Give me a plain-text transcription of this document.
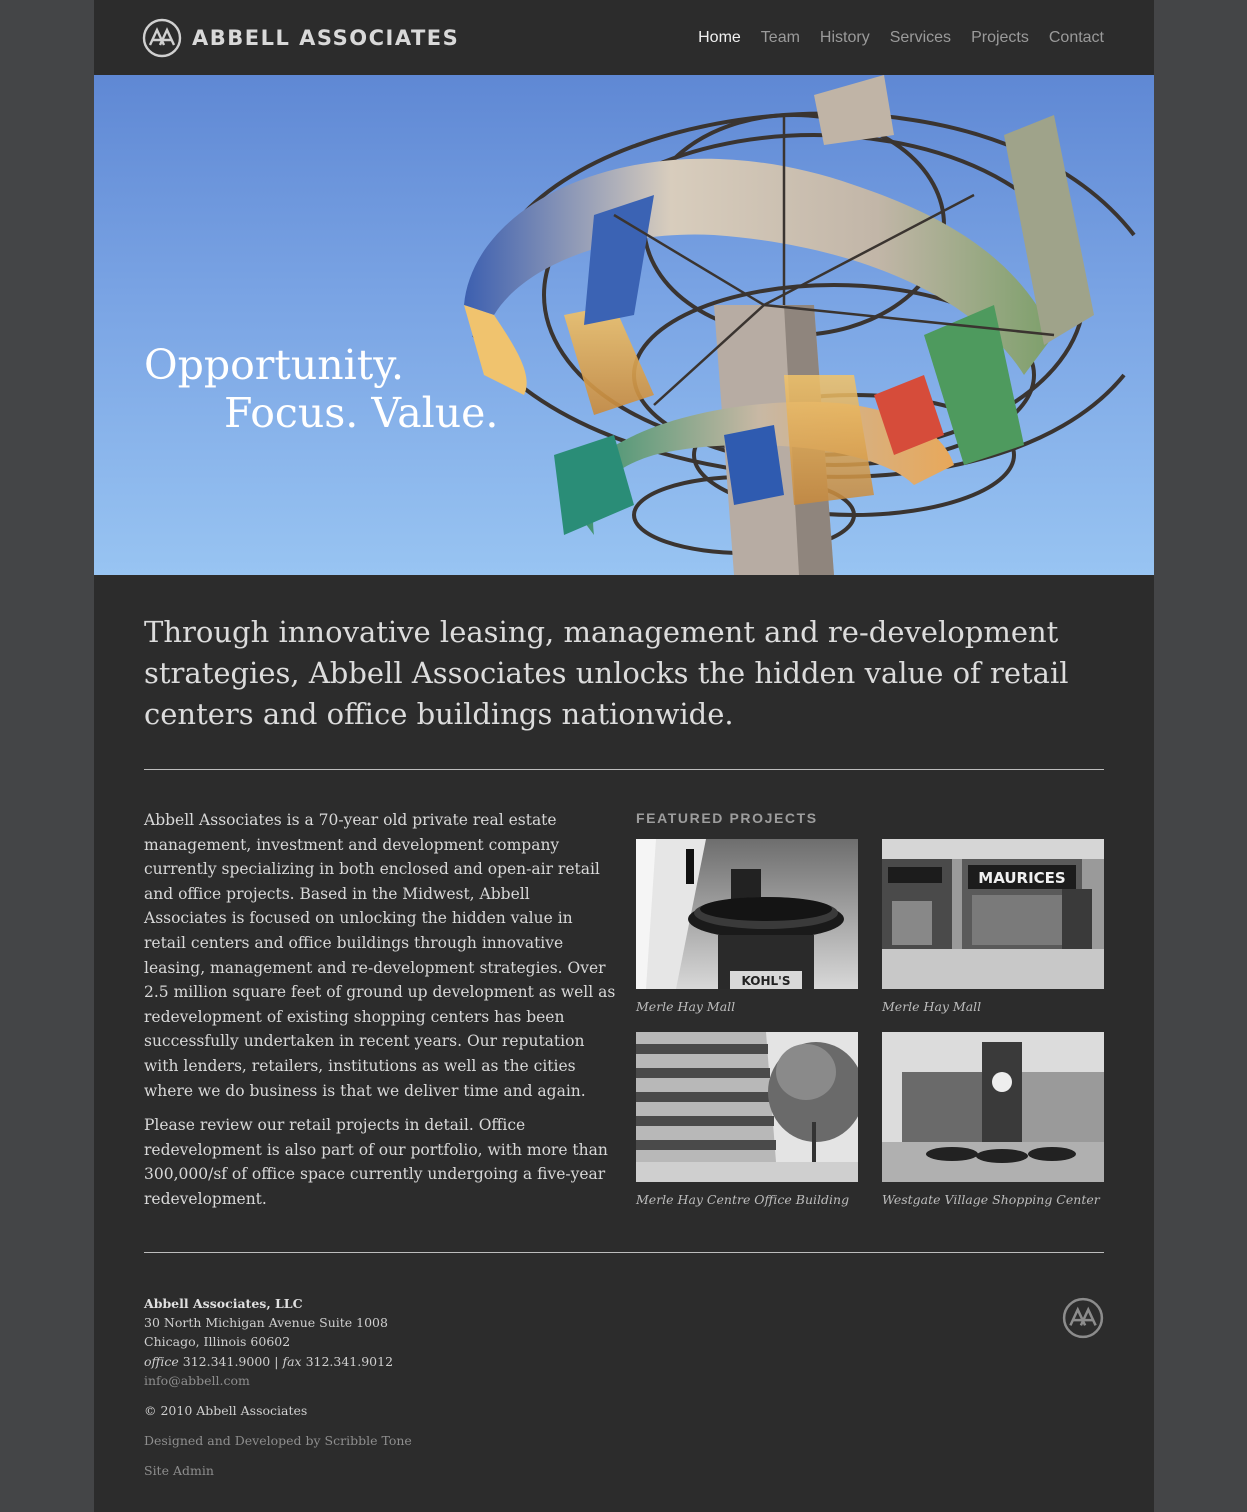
ABBELL ASSOCIATES	Home Team History Services Projects Contact
Opportunity.
Focus. Value.
Through innovative leasing, management and re-development strategies, Abbell Associates unlocks the hidden value of retail centers and office buildings nationwide.

Abbell Associates is a 70-year old private real estate management, investment and development company currently specializing in both enclosed and open-air retail and office projects. Based in the Midwest, Abbell Associates is focused on unlocking the hidden value in retail centers and office buildings through innovative leasing, management and re-development strategies. Over 2.5 million square feet of ground up development as well as redevelopment of existing shopping centers has been successfully undertaken in recent years. Our reputation with lenders, retailers, institutions as well as the cities where we do business is that we deliver time and again.

Please review our retail projects in detail. Office redevelopment is also part of our portfolio, with more than 300,000/sf of office space currently undergoing a five-year redevelopment.

FEATURED PROJECTS
KOHL'S
Merle Hay Mall
MAURICES
Merle Hay Mall
Merle Hay Centre Office Building	Westgate Village Shopping Center
Abbell Associates, LLC
30 North Michigan Avenue Suite 1008
Chicago, Illinois 60602
office 312.341.9000 | fax 312.341.9012
info@abbell.com
© 2010 Abbell Associates
Designed and Developed by Scribble Tone
Site Admin
